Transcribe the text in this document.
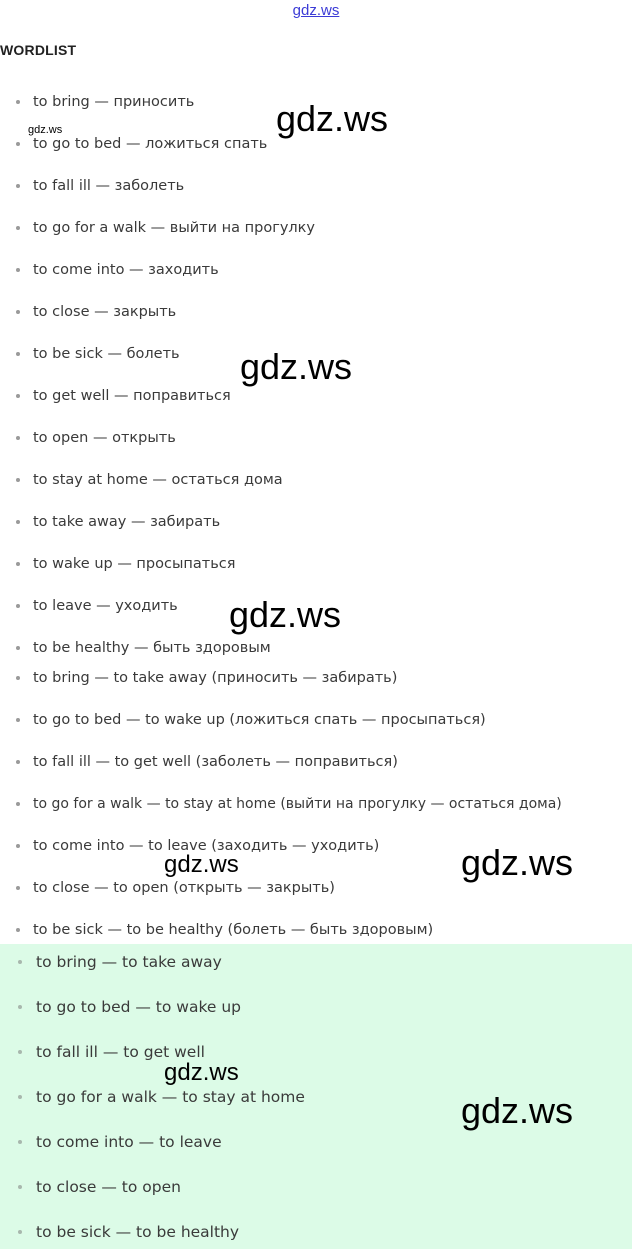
gdz.ws
WORDLIST
to bring — приносить
to go to bed — ложиться спать
to fall ill — заболеть
to go for a walk — выйти на прогулку
to come into — заходить
to close — закрыть
to be sick — болеть
to get well — поправиться
to open — открыть
to stay at home — остаться дома
to take away — забирать
to wake up — просыпаться
to leave — уходить
to be healthy — быть здоровым
to bring — to take away (приносить — забирать)
to go to bed — to wake up (ложиться спать — просыпаться)
to fall ill — to get well (заболеть — поправиться)
to go for a walk — to stay at home (выйти на прогулку — остаться дома)
to come into — to leave (заходить — уходить)
to close — to open (открыть — закрыть)
to be sick — to be healthy (болеть — быть здоровым)
to bring — to take away
to go to bed — to wake up
to fall ill — to get well
to go for a walk — to stay at home
to come into — to leave
to close — to open
to be sick — to be healthy
gdz.ws	gdz.ws
gdz.ws
gdz.ws
gdz.ws	gdz.ws
gdz.ws
gdz.ws
